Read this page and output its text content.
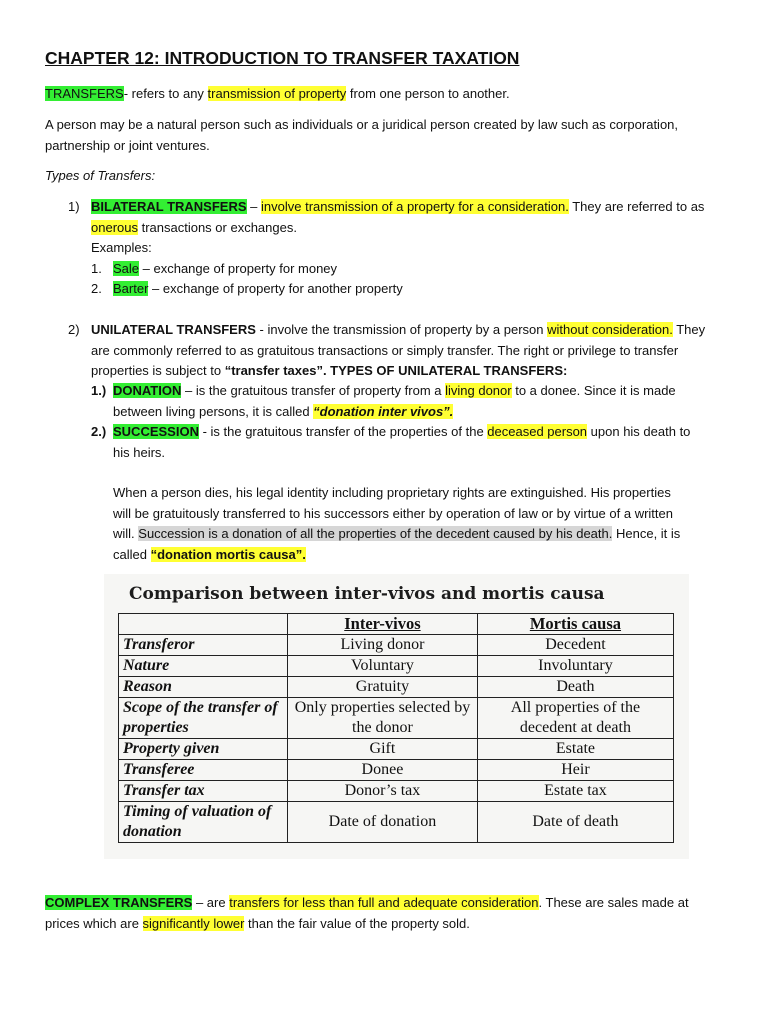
CHAPTER 12: INTRODUCTION TO TRANSFER TAXATION
TRANSFERS- refers to any transmission of property from one person to another.
A person may be a natural person such as individuals or a juridical person created by law such as corporation, partnership or joint ventures.
Types of Transfers:
1) BILATERAL TRANSFERS – involve transmission of a property for a consideration. They are referred to as
onerous transactions or exchanges.
Examples:
1. Sale – exchange of property for money
2. Barter – exchange of property for another property
2) UNILATERAL TRANSFERS - involve the transmission of property by a person without consideration. They
are commonly referred to as gratuitous transactions or simply transfer. The right or privilege to transfer
properties is subject to “transfer taxes”. TYPES OF UNILATERAL TRANSFERS:
1.) DONATION – is the gratuitous transfer of property from a living donor to a donee. Since it is made
between living persons, it is called “donation inter vivos”.
2.) SUCCESSION - is the gratuitous transfer of the properties of the deceased person upon his death to
his heirs.
When a person dies, his legal identity including proprietary rights are extinguished. His properties
will be gratuitously transferred to his successors either by operation of law or by virtue of a written
will. Succession is a donation of all the properties of the decedent caused by his death. Hence, it is
called “donation mortis causa”.
Comparison between inter-vivos and mortis causa
	Inter-vivos	Mortis causa
Transferor	Living donor	Decedent
Nature	Voluntary	Involuntary
Reason	Gratuity	Death
Scope of the transfer of properties	Only properties selected by the donor	All properties of the decedent at death
Property given	Gift	Estate
Transferee	Donee	Heir
Transfer tax	Donor’s tax	Estate tax
Timing of valuation of donation	Date of donation	Date of death
COMPLEX TRANSFERS – are transfers for less than full and adequate consideration. These are sales made at
prices which are significantly lower than the fair value of the property sold.
